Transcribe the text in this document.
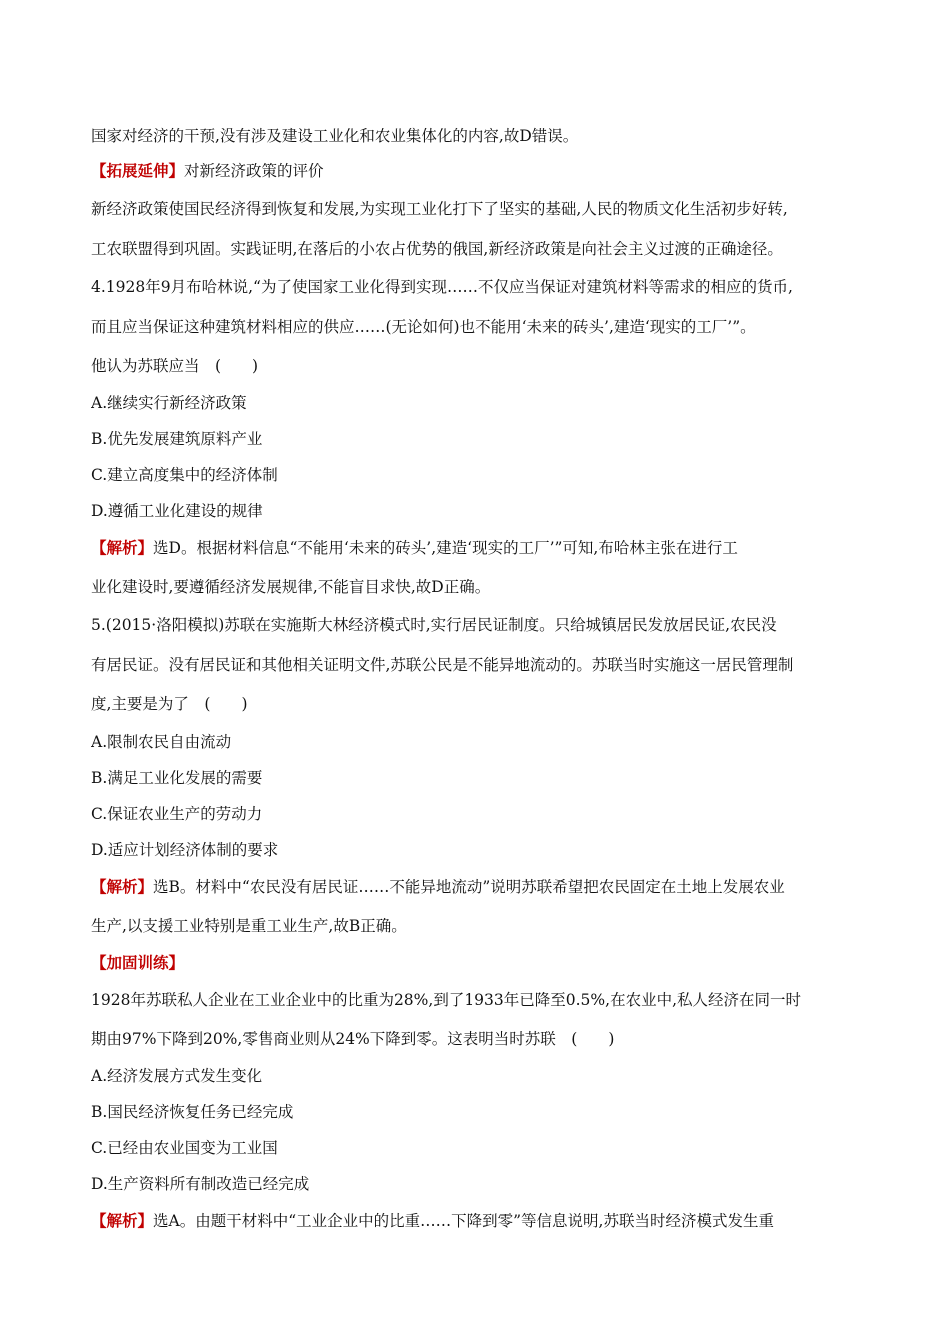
国家对经济的干预,没有涉及建设工业化和农业集体化的内容,故D错误。
【拓展延伸】对新经济政策的评价
新经济政策使国民经济得到恢复和发展,为实现工业化打下了坚实的基础,人民的物质文化生活初步好转,
工农联盟得到巩固。实践证明,在落后的小农占优势的俄国,新经济政策是向社会主义过渡的正确途径。
4.1928年9月布哈林说,“为了使国家工业化得到实现……不仅应当保证对建筑材料等需求的相应的货币,
而且应当保证这种建筑材料相应的供应……(无论如何)也不能用‘未来的砖头’,建造‘现实的工厂’”。
他认为苏联应当　(　　)
A.继续实行新经济政策
B.优先发展建筑原料产业
C.建立高度集中的经济体制
D.遵循工业化建设的规律
【解析】选D。根据材料信息“不能用‘未来的砖头’,建造‘现实的工厂’”可知,布哈林主张在进行工
业化建设时,要遵循经济发展规律,不能盲目求快,故D正确。
5.(2015·洛阳模拟)苏联在实施斯大林经济模式时,实行居民证制度。只给城镇居民发放居民证,农民没
有居民证。没有居民证和其他相关证明文件,苏联公民是不能异地流动的。苏联当时实施这一居民管理制
度,主要是为了　(　　)
A.限制农民自由流动
B.满足工业化发展的需要
C.保证农业生产的劳动力
D.适应计划经济体制的要求
【解析】选B。材料中“农民没有居民证……不能异地流动”说明苏联希望把农民固定在土地上发展农业
生产,以支援工业特别是重工业生产,故B正确。
【加固训练】
1928年苏联私人企业在工业企业中的比重为28%,到了1933年已降至0.5%,在农业中,私人经济在同一时
期由97%下降到20%,零售商业则从24%下降到零。这表明当时苏联　(　　)
A.经济发展方式发生变化
B.国民经济恢复任务已经完成
C.已经由农业国变为工业国
D.生产资料所有制改造已经完成
【解析】选A。由题干材料中“工业企业中的比重……下降到零”等信息说明,苏联当时经济模式发生重
